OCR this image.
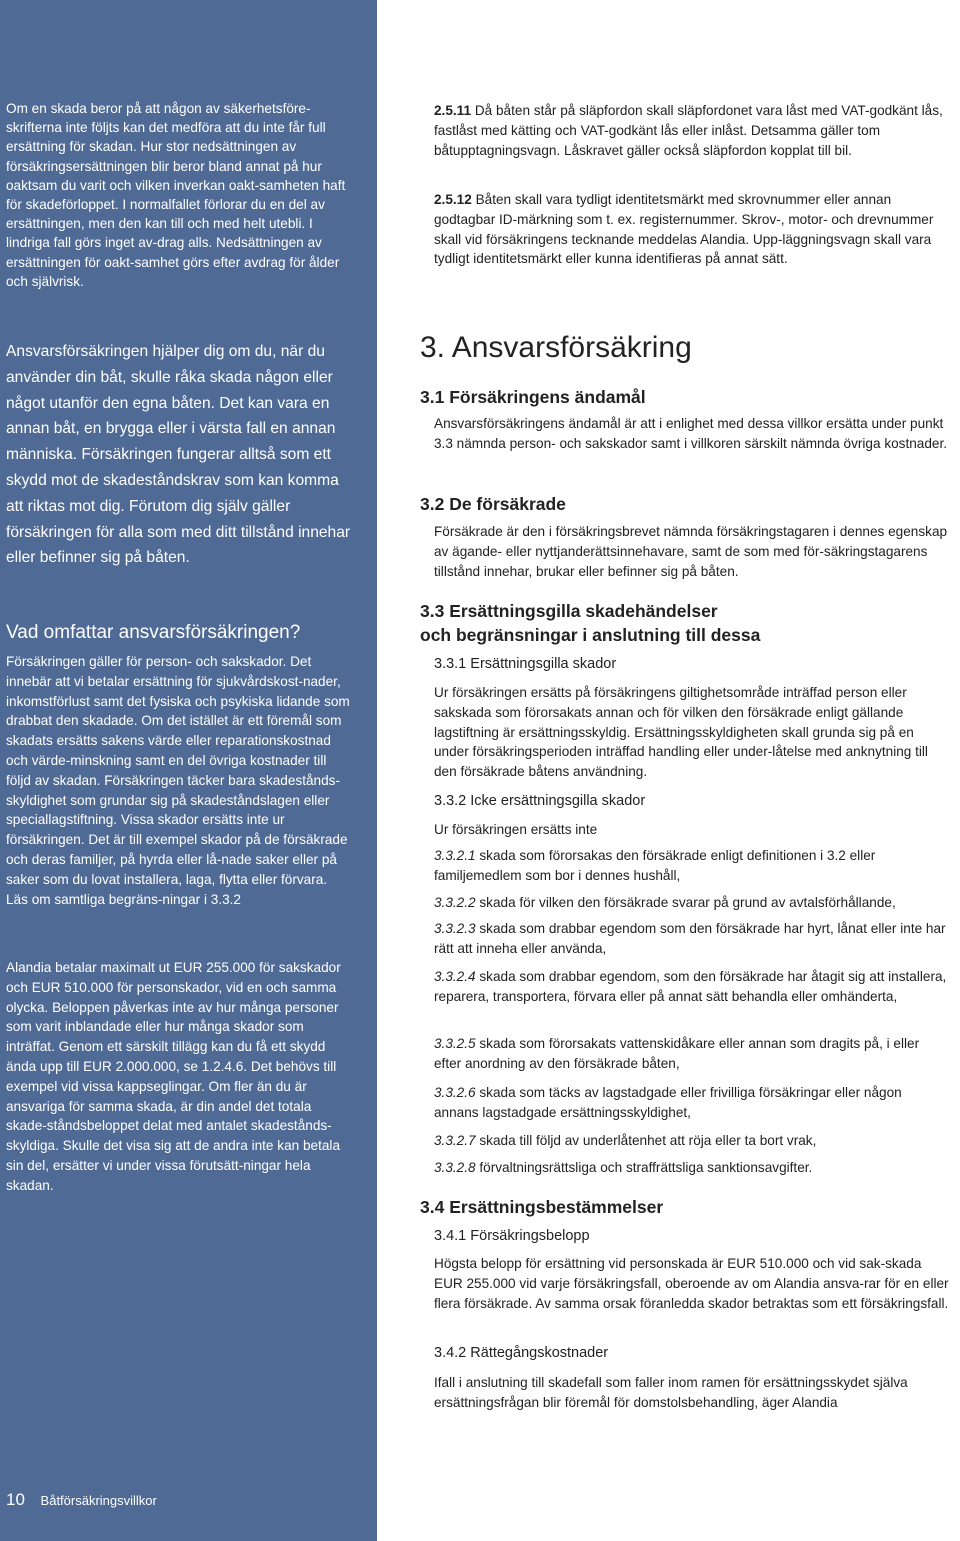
Om en skada beror på att någon av säkerhetsföre-skrifterna inte följts kan det medföra att du inte får full ersättning för skadan. Hur stor nedsättningen av försäkringsersättningen blir beror bland annat på hur oaktsam du varit och vilken inverkan oakt-samheten haft för skadeförloppet. I normalfallet förlorar du en del av ersättningen, men den kan till och med helt utebli. I lindriga fall görs inget av-drag alls. Nedsättningen av ersättningen för oakt-samhet görs efter avdrag för ålder och självrisk.

Ansvarsförsäkringen hjälper dig om du, när du använder din båt, skulle råka skada någon eller något utanför den egna båten. Det kan vara en annan båt, en brygga eller i värsta fall en annan människa. Försäkringen fungerar alltså som ett skydd mot de skadeståndskrav som kan komma att riktas mot dig. Förutom dig själv gäller försäkringen för alla som med ditt tillstånd innehar eller befinner sig på båten.

Vad omfattar ansvarsförsäkringen?

Försäkringen gäller för person- och sakskador. Det innebär att vi betalar ersättning för sjukvårdskost-nader, inkomstförlust samt det fysiska och psykiska lidande som drabbat den skadade. Om det istället är ett föremål som skadats ersätts sakens värde eller reparationskostnad och värde-minskning samt en del övriga kostnader till följd av skadan. Försäkringen täcker bara skadestånds-skyldighet som grundar sig på skadeståndslagen eller speciallagstiftning. Vissa skador ersätts inte ur försäkringen. Det är till exempel skador på de försäkrade och deras familjer, på hyrda eller lå-nade saker eller på saker som du lovat installera, laga, flytta eller förvara. Läs om samtliga begräns-ningar i 3.3.2

Alandia betalar maximalt ut EUR 255.000 för sakskador och EUR 510.000 för personskador, vid en och samma olycka. Beloppen påverkas inte av hur många personer som varit inblandade eller hur många skador som inträffat. Genom ett särskilt tillägg kan du få ett skydd ända upp till EUR 2.000.000, se 1.2.4.6. Det behövs till exempel vid vissa kappseglingar. Om fler än du är ansvariga för samma skada, är din andel det totala skade-ståndsbeloppet delat med antalet skadestånds-skyldiga. Skulle det visa sig att de andra inte kan betala sin del, ersätter vi under vissa förutsätt-ningar hela skadan.

10 Båtförsäkringsvillkor

2.5.11 Då båten står på släpfordon skall släpfordonet vara låst med VAT-godkänt lås, fastlåst med kätting och VAT-godkänt lås eller inlåst. Detsamma gäller tom båtupptagningsvagn. Låskravet gäller också släpfordon kopplat till bil.

2.5.12 Båten skall vara tydligt identitetsmärkt med skrovnummer eller annan godtagbar ID-märkning som t. ex. registernummer. Skrov-, motor- och drevnummer skall vid försäkringens tecknande meddelas Alandia. Upp-läggningsvagn skall vara tydligt identitetsmärkt eller kunna identifieras på annat sätt.

3. Ansvarsförsäkring
3.1 Försäkringens ändamål

Ansvarsförsäkringens ändamål är att i enlighet med dessa villkor ersätta under punkt 3.3 nämnda person- och sakskador samt i villkoren särskilt nämnda övriga kostnader.

3.2 De försäkrade

Försäkrade är den i försäkringsbrevet nämnda försäkringstagaren i dennes egenskap av ägande- eller nyttjanderättsinnehavare, samt de som med för-säkringstagarens tillstånd innehar, brukar eller befinner sig på båten.

3.3 Ersättningsgilla skadehändelser
och begränsningar i anslutning till dessa

3.3.1 Ersättningsgilla skador

Ur försäkringen ersätts på försäkringens giltighetsområde inträffad person eller sakskada som förorsakats annan och för vilken den försäkrade enligt gällande lagstiftning är ersättningsskyldig. Ersättningsskyldigheten skall grunda sig på en under försäkringsperioden inträffad handling eller under-låtelse med anknytning till den försäkrade båtens användning.

3.3.2 Icke ersättningsgilla skador

Ur försäkringen ersätts inte

3.3.2.1 skada som förorsakas den försäkrade enligt definitionen i 3.2 eller familjemedlem som bor i dennes hushåll,

3.3.2.2 skada för vilken den försäkrade svarar på grund av avtalsförhållande,

3.3.2.3 skada som drabbar egendom som den försäkrade har hyrt, lånat eller inte har rätt att inneha eller använda,

3.3.2.4 skada som drabbar egendom, som den försäkrade har åtagit sig att installera, reparera, transportera, förvara eller på annat sätt behandla eller omhänderta,

3.3.2.5 skada som förorsakats vattenskidåkare eller annan som dragits på, i eller efter anordning av den försäkrade båten,

3.3.2.6 skada som täcks av lagstadgade eller frivilliga försäkringar eller någon annans lagstadgade ersättningsskyldighet,

3.3.2.7 skada till följd av underlåtenhet att röja eller ta bort vrak,

3.3.2.8 förvaltningsrättsliga och straffrättsliga sanktionsavgifter.

3.4 Ersättningsbestämmelser

3.4.1 Försäkringsbelopp

Högsta belopp för ersättning vid personskada är EUR 510.000 och vid sak-skada EUR 255.000 vid varje försäkringsfall, oberoende av om Alandia ansva-rar för en eller flera försäkrade. Av samma orsak föranledda skador betraktas som ett försäkringsfall.

3.4.2 Rättegångskostnader

Ifall i anslutning till skadefall som faller inom ramen för ersättningsskydet själva ersättningsfrågan blir föremål för domstolsbehandling, äger Alandia
